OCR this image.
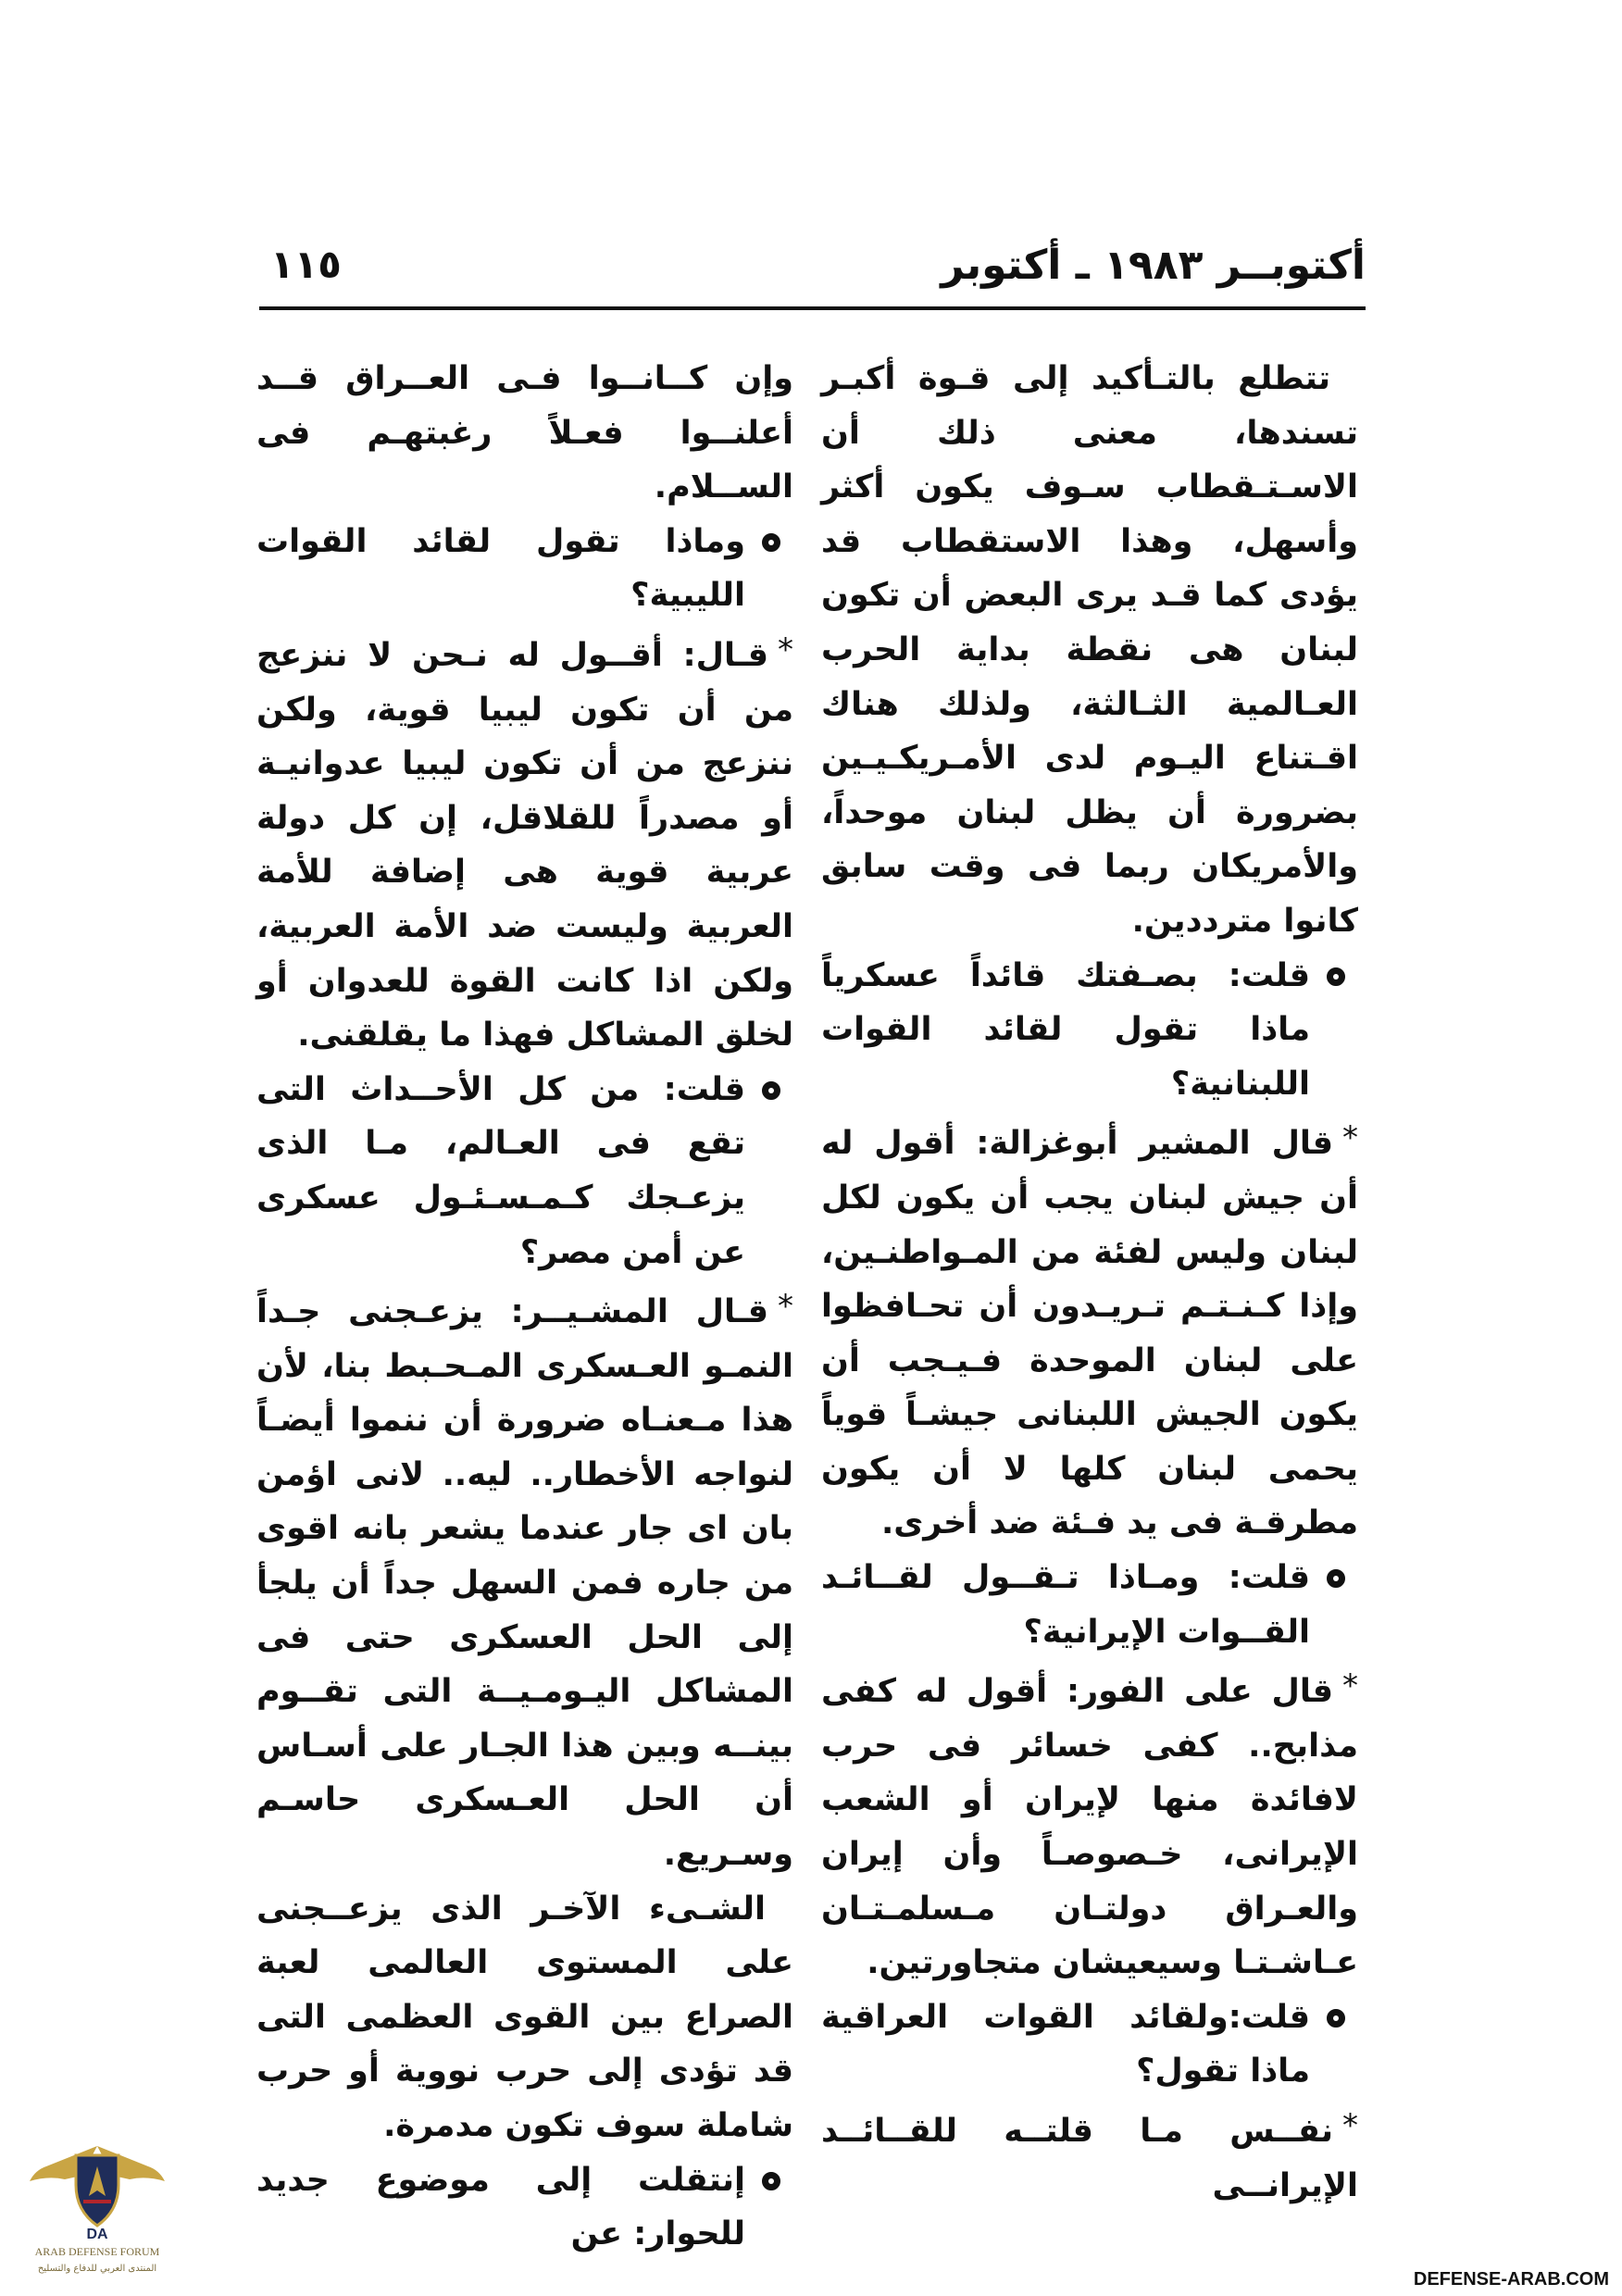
أكتوبــر ١٩٨٣ ـ أكتوبر
١١٥

تتطلع بالتـأكيد إلى قـوة أكبـر تسندها، معنى ذلك أن الاسـتـقطاب سـوف يكون أكثر وأسهل، وهذا الاستقطاب قد يؤدى كما قـد يرى البعض أن تكون لبنان هى نقطة بداية الحرب العـالمية الثـالثة، ولذلك هناك اقـتناع اليـوم لدى الأمـريكـيـين بضرورة أن يظل لبنان موحداً، والأمريكان ربما فى وقت سابق كانوا مترددين.

قلت: بصـفتك قائداً عسكرياً ماذا تقول لقائد القوات اللبنانية؟

*قال المشير أبوغزالة: أقول له أن جيش لبنان يجب أن يكون لكل لبنان وليس لفئة من المـواطنـين، وإذا كـنـتـم تـريـدون أن تحـافظوا على لبنان الموحدة فـيـجب أن يكون الجيش اللبنانى جيشـاً قوياً يحمى لبنان كلها لا أن يكون مطرقـة فى يد فـئة ضد أخرى.

قلت: ومـاذا تـقــول لقــائـد القــوات الإيرانية؟

*قال على الفور: أقول له كفى مذابح.. كفى خسائر فى حرب لافائدة منها لإيران أو الشعب الإيرانى، خـصوصـاً وأن إيران والعـراق دولتـان مـسلمـتـان عـاشـتـا وسيعيشان متجاورتين.

قلت:ولقائد القوات العراقية ماذا تقول؟

*نفــس مـا قلتــه للقــائــد الإيرانــى

وإن كــانــوا فـى العــراق قــد أعلنــوا فعـلاً رغبتهـم فى الســلام.

وماذا تقول لقائد القوات الليبية؟

*قـال: أقــول له نـحن لا ننزعج من أن تكون ليبيا قوية، ولكن ننزعج من أن تكون ليبيا عدوانيـة أو مصدراً للقلاقل، إن كل دولة عربية قوية هى إضافة للأمة العربية وليست ضد الأمة العربية، ولكن اذا كانت القوة للعدوان أو لخلق المشاكل فهذا ما يقلقنى.

قلت: من كل الأحــداث التى تقع فى العـالم، مـا الذى يزعـجك كـمـسـئـول عسكرى عن أمن مصر؟

*قـال المشـيــر: يزعـجنى جـداً النمـو العـسكرى المـحـبط بنا، لأن هذا مـعنـاه ضرورة أن ننموا أيضـاً لنواجه الأخطار.. ليه.. لانى اؤمن بان اى جار عندما يشعر بانه اقوى من جاره فمن السهل جداً أن يلجأ إلى الحل العسكرى حتى فى المشاكل اليـومـيــة التى تقــوم بينــه وبين هذا الجـار على أسـاس أن الحل العـسكرى حاسـم وسـريع.

الشـىء الآخـر الذى يزعــجنى على المستوى العالمى لعبة الصراع بين القوى العظمى التى قد تؤدى إلى حرب نووية أو حرب شاملة سوف تكون مدمرة.

إنتقلت إلى موضوع جديد للحوار: عن

DA
ARAB DEFENSE FORUM
المنتدى العربي للدفاع والتسليح
DEFENSE-ARAB.COM
